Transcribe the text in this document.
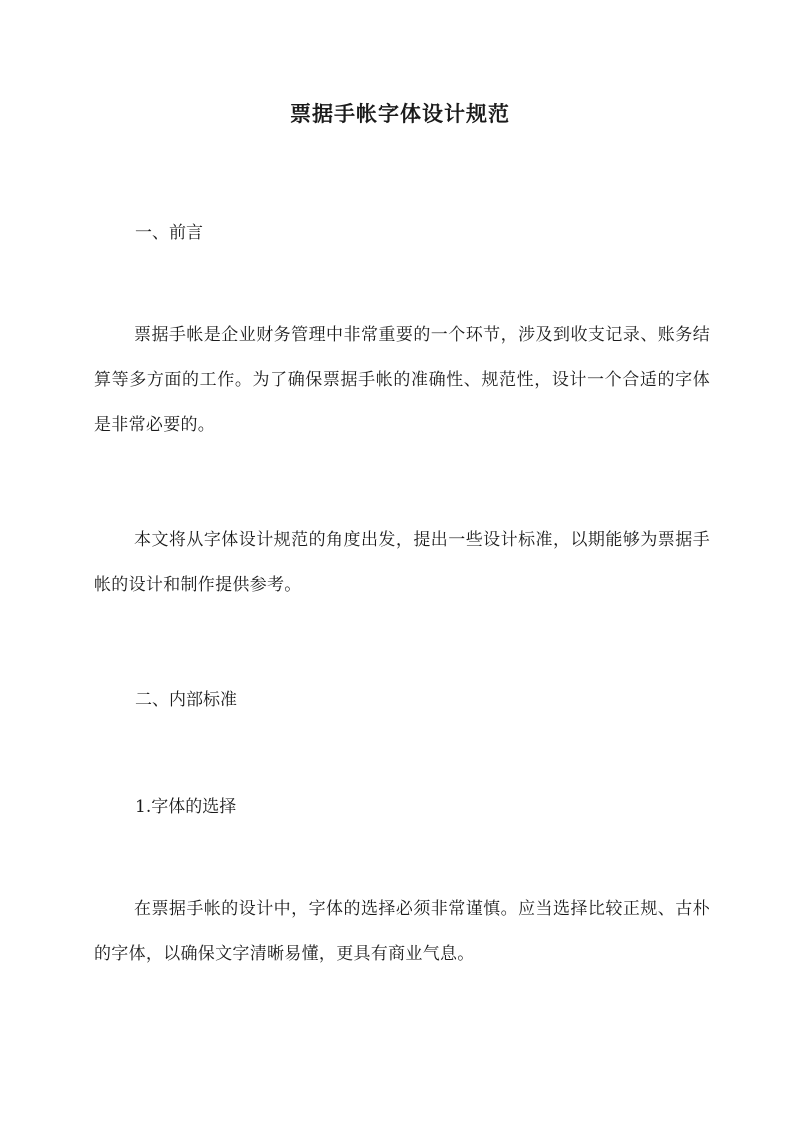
票据手帐字体设计规范

一、前言

票据手帐是企业财务管理中非常重要的一个环节，涉及到收支记录、账务结算等多方面的工作。为了确保票据手帐的准确性、规范性，设计一个合适的字体是非常必要的。

本文将从字体设计规范的角度出发，提出一些设计标准，以期能够为票据手帐的设计和制作提供参考。

二、内部标准

1.字体的选择

在票据手帐的设计中，字体的选择必须非常谨慎。应当选择比较正规、古朴的字体，以确保文字清晰易懂，更具有商业气息。
